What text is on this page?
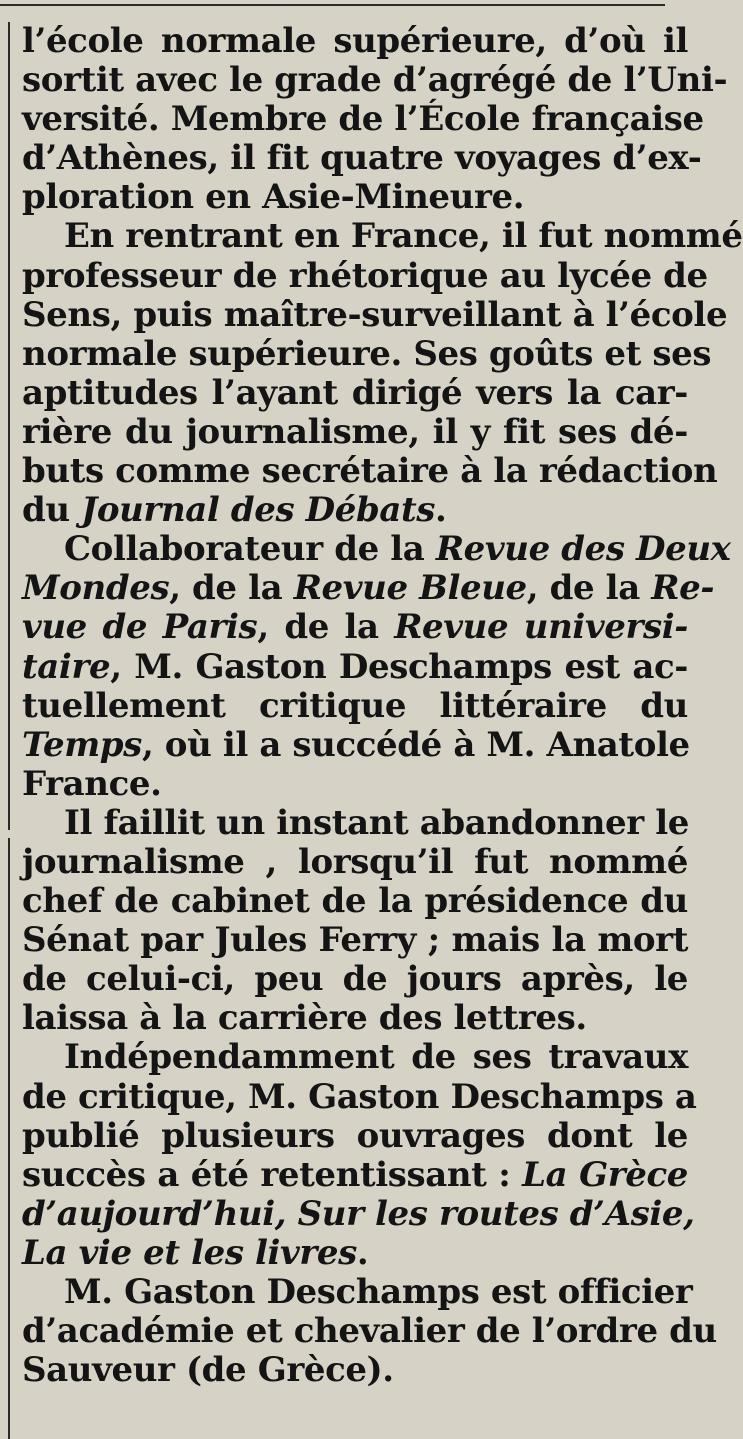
l’école normale supérieure, d’où il
sortit avec le grade d’agrégé de l’Uni-
versité. Membre de l’École française
d’Athènes, il fit quatre voyages d’ex-
ploration en Asie-Mineure.
En rentrant en France, il fut nommé
professeur de rhétorique au lycée de
Sens, puis maître-surveillant à l’école
normale supérieure. Ses goûts et ses
aptitudes l’ayant dirigé vers la car-
rière du journalisme, il y fit ses dé-
buts comme secrétaire à la rédaction
du Journal des Débats.
Collaborateur de la Revue des Deux
Mondes, de la Revue Bleue, de la Re-
vue de Paris, de la Revue universi-
taire, M. Gaston Deschamps est ac-
tuellement critique littéraire du
Temps, où il a succédé à M. Anatole
France.
Il faillit un instant abandonner le
journalisme , lorsqu’il fut nommé
chef de cabinet de la présidence du
Sénat par Jules Ferry ; mais la mort
de celui-ci, peu de jours après, le
laissa à la carrière des lettres.
Indépendamment de ses travaux
de critique, M. Gaston Deschamps a
publié plusieurs ouvrages dont le
succès a été retentissant : La Grèce
d’aujourd’hui, Sur les routes d’Asie,
La vie et les livres.
M. Gaston Deschamps est officier
d’académie et chevalier de l’ordre du
Sauveur (de Grèce).
